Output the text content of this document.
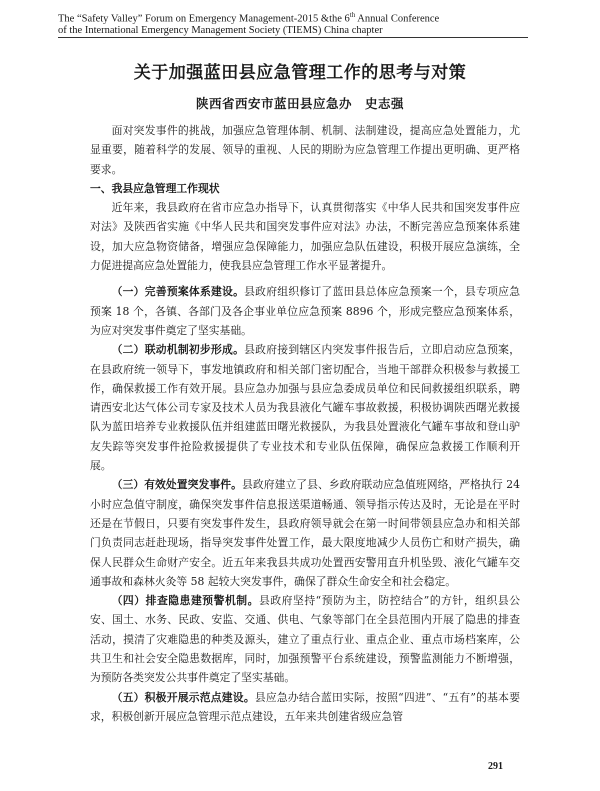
The “Safety Valley” Forum on Emergency Management-2015 &the 6th Annual Conference
of the International Emergency Management Society (TIEMS) China chapter
关于加强蓝田县应急管理工作的思考与对策
陕西省西安市蓝田县应急办　史志强

面对突发事件的挑战，加强应急管理体制、机制、法制建设，提高应急处置能力，尤显重要，随着科学的发展、领导的重视、人民的期盼为应急管理工作提出更明确、更严格要求。

一、我县应急管理工作现状

近年来，我县政府在省市应急办指导下，认真贯彻落实《中华人民共和国突发事件应对法》及陕西省实施《中华人民共和国突发事件应对法》办法，不断完善应急预案体系建设，加大应急物资储备，增强应急保障能力，加强应急队伍建设，积极开展应急演练，全力促进提高应急处置能力，使我县应急管理工作水平显著提升。

（一）完善预案体系建设。县政府组织修订了蓝田县总体应急预案一个，县专项应急预案 18 个，各镇、各部门及各企事业单位应急预案 8896 个，形成完整应急预案体系，为应对突发事件奠定了坚实基础。

（二）联动机制初步形成。县政府接到辖区内突发事件报告后，立即启动应急预案，在县政府统一领导下，事发地镇政府和相关部门密切配合，当地干部群众积极参与救援工作，确保救援工作有效开展。县应急办加强与县应急委成员单位和民间救援组织联系，聘请西安北达气体公司专家及技术人员为我县液化气罐车事故救援，积极协调陕西曙光救援队为蓝田培养专业救援队伍并组建蓝田曙光救援队，为我县处置液化气罐车事故和登山驴友失踪等突发事件抢险救援提供了专业技术和专业队伍保障，确保应急救援工作顺利开展。

（三）有效处置突发事件。县政府建立了县、乡政府联动应急值班网络，严格执行 24 小时应急值守制度，确保突发事件信息报送渠道畅通、领导指示传达及时，无论是在平时还是在节假日，只要有突发事件发生，县政府领导就会在第一时间带领县应急办和相关部门负责同志赶赴现场，指导突发事件处置工作，最大限度地减少人员伤亡和财产损失，确保人民群众生命财产安全。近五年来我县共成功处置西安警用直升机坠毁、液化气罐车交通事故和森林火灸等 58 起较大突发事件，确保了群众生命安全和社会稳定。

（四）排查隐患建预警机制。县政府坚持“预防为主，防控结合”的方针，组织县公安、国土、水务、民政、安监、交通、供电、气象等部门在全县范围内开展了隐患的排查活动，摸清了灾难隐患的种类及源头，建立了重点行业、重点企业、重点市场档案库，公共卫生和社会安全隐患数据库，同时，加强预警平台系统建设，预警监测能力不断增强，为预防各类突发公共事件奠定了坚实基础。

（五）积极开展示范点建设。县应急办结合蓝田实际，按照“四进”、“五有”的基本要求，积极创新开展应急管理示范点建设，五年来共创建省级应急管

291
